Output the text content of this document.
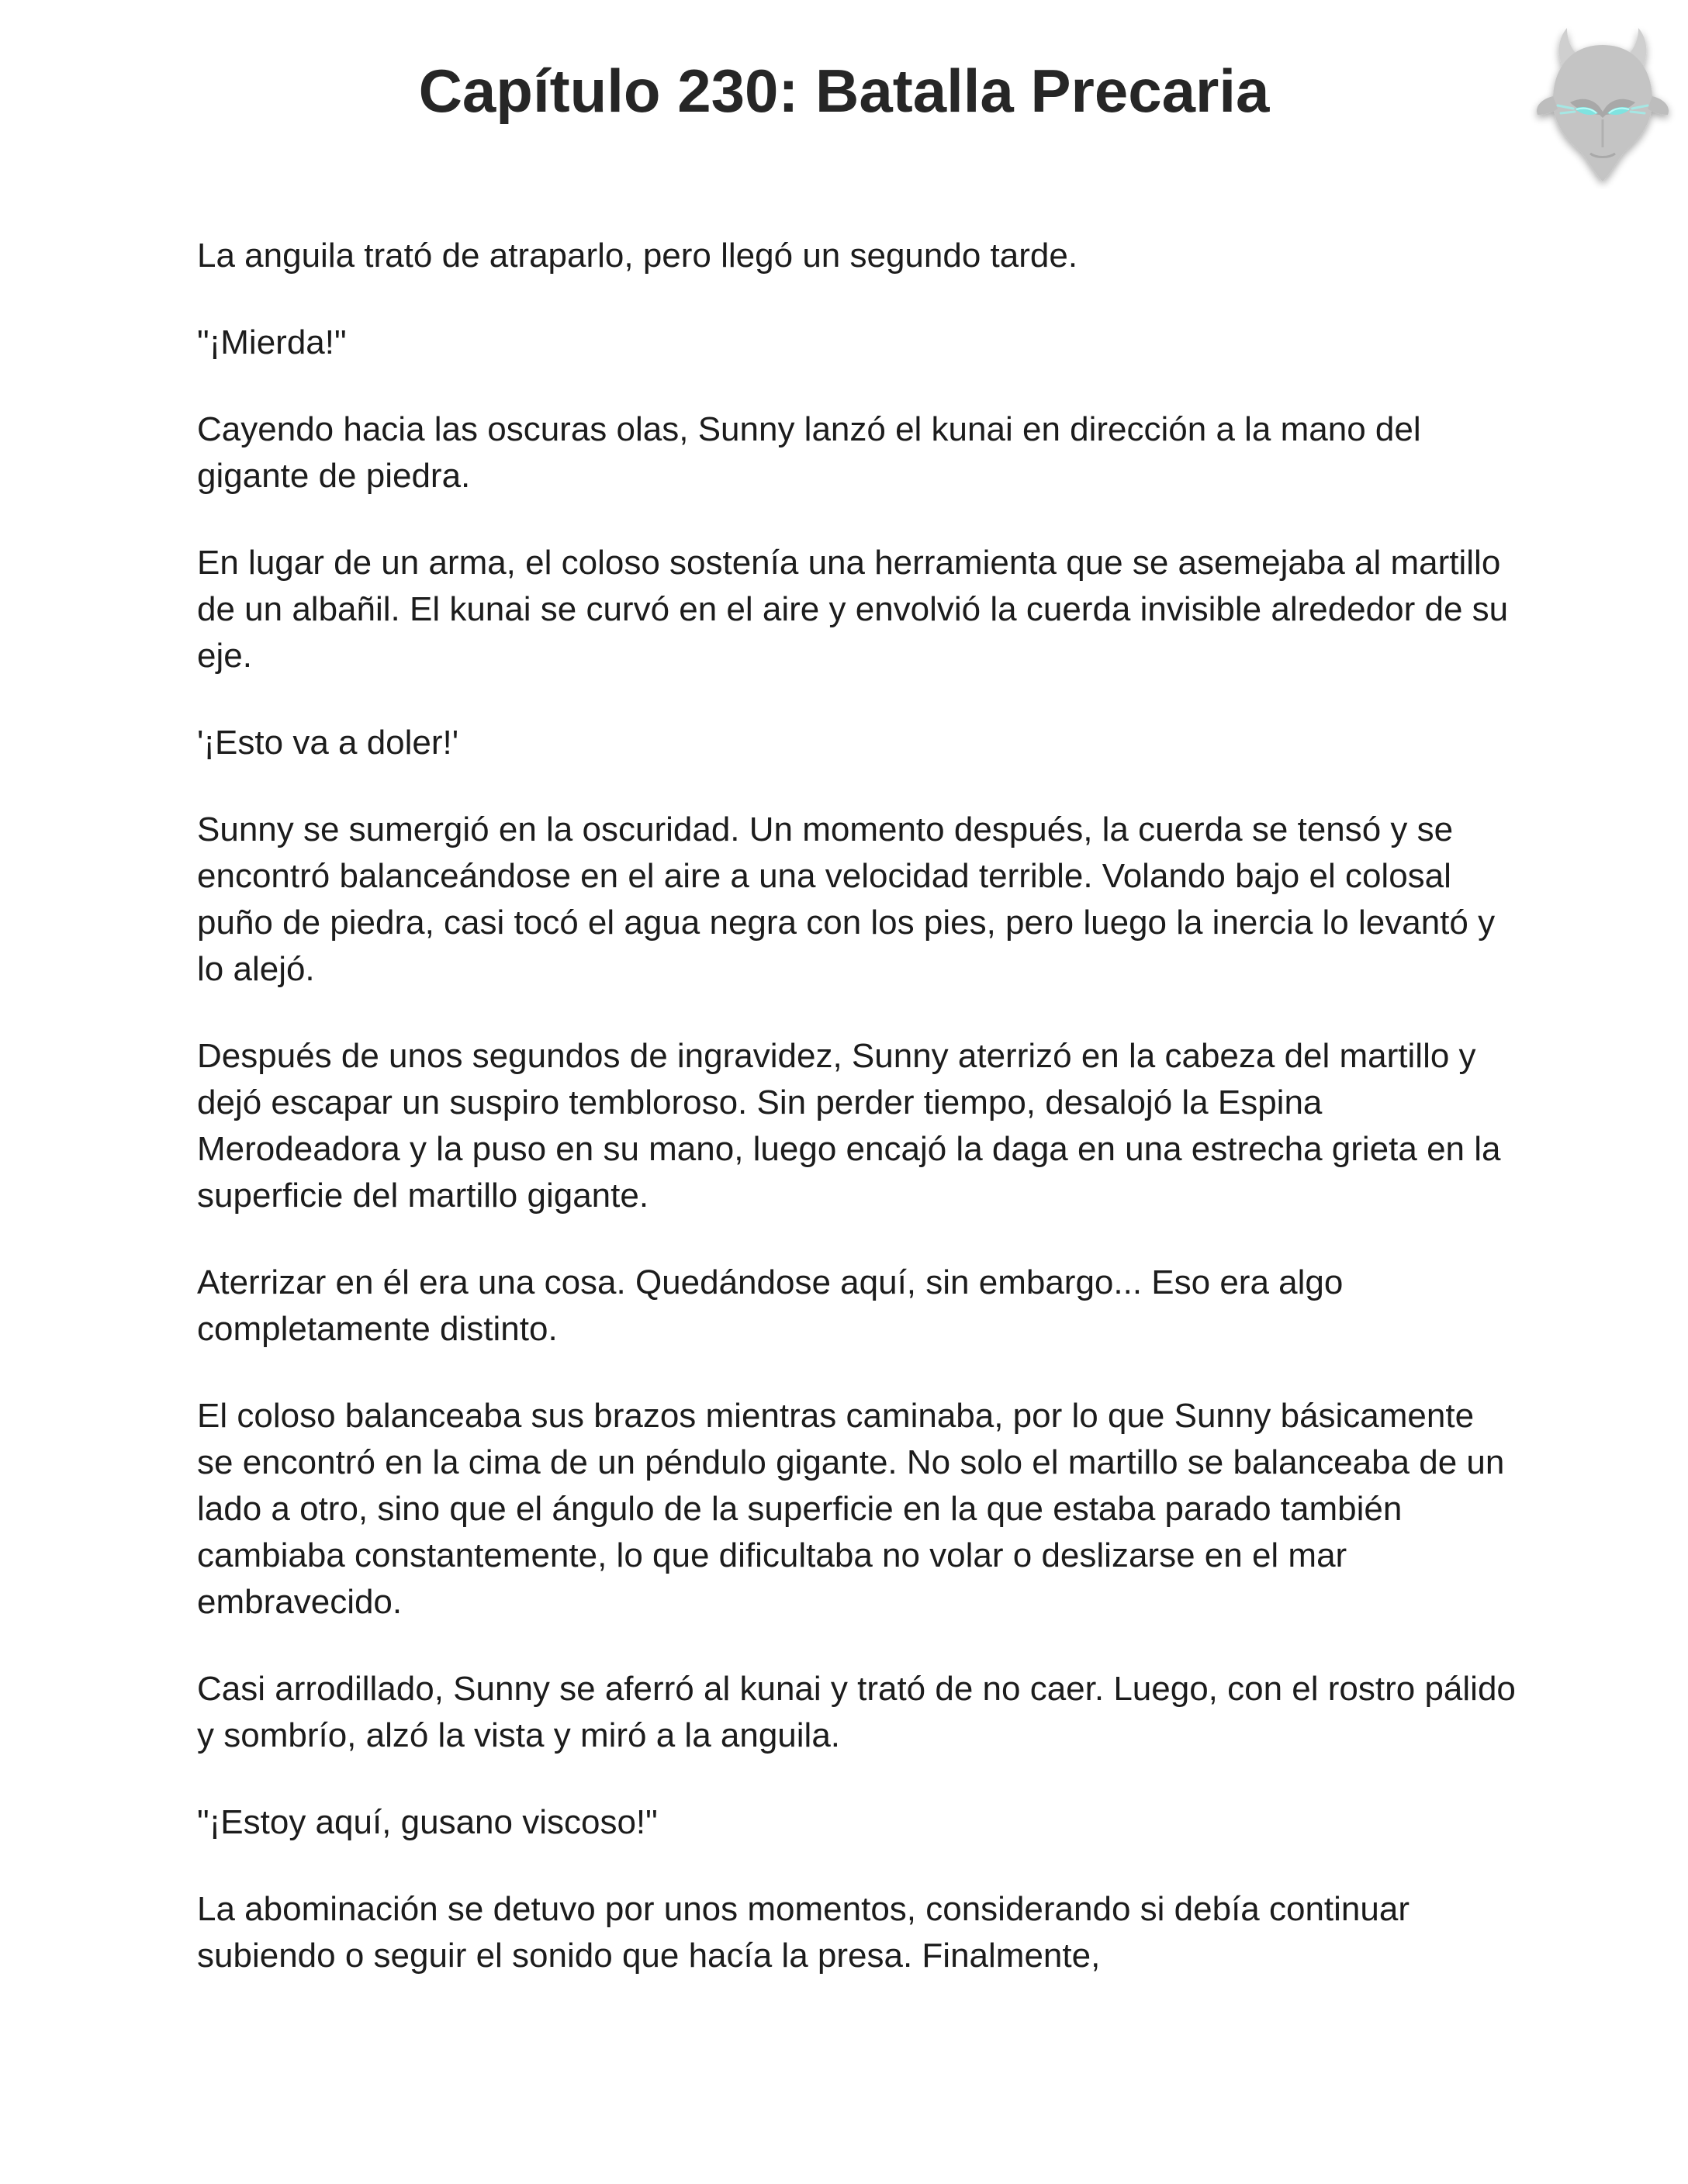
Capítulo 230: Batalla Precaria

La anguila trató de atraparlo, pero llegó un segundo tarde.

"¡Mierda!"

Cayendo hacia las oscuras olas, Sunny lanzó el kunai en dirección a la mano del gigante de piedra.

En lugar de un arma, el coloso sostenía una herramienta que se asemejaba al martillo de un albañil. El kunai se curvó en el aire y envolvió la cuerda invisible alrededor de su eje.

'¡Esto va a doler!'

Sunny se sumergió en la oscuridad. Un momento después, la cuerda se tensó y se encontró balanceándose en el aire a una velocidad terrible. Volando bajo el colosal puño de piedra, casi tocó el agua negra con los pies, pero luego la inercia lo levantó y lo alejó.

Después de unos segundos de ingravidez, Sunny aterrizó en la cabeza del martillo y dejó escapar un suspiro tembloroso. Sin perder tiempo, desalojó la Espina Merodeadora y la puso en su mano, luego encajó la daga en una estrecha grieta en la superficie del martillo gigante.

Aterrizar en él era una cosa. Quedándose aquí, sin embargo... Eso era algo completamente distinto.

El coloso balanceaba sus brazos mientras caminaba, por lo que Sunny básicamente se encontró en la cima de un péndulo gigante. No solo el martillo se balanceaba de un lado a otro, sino que el ángulo de la superficie en la que estaba parado también cambiaba constantemente, lo que dificultaba no volar o deslizarse en el mar embravecido.

Casi arrodillado, Sunny se aferró al kunai y trató de no caer. Luego, con el rostro pálido y sombrío, alzó la vista y miró a la anguila.

"¡Estoy aquí, gusano viscoso!"

La abominación se detuvo por unos momentos, considerando si debía continuar subiendo o seguir el sonido que hacía la presa. Finalmente,
